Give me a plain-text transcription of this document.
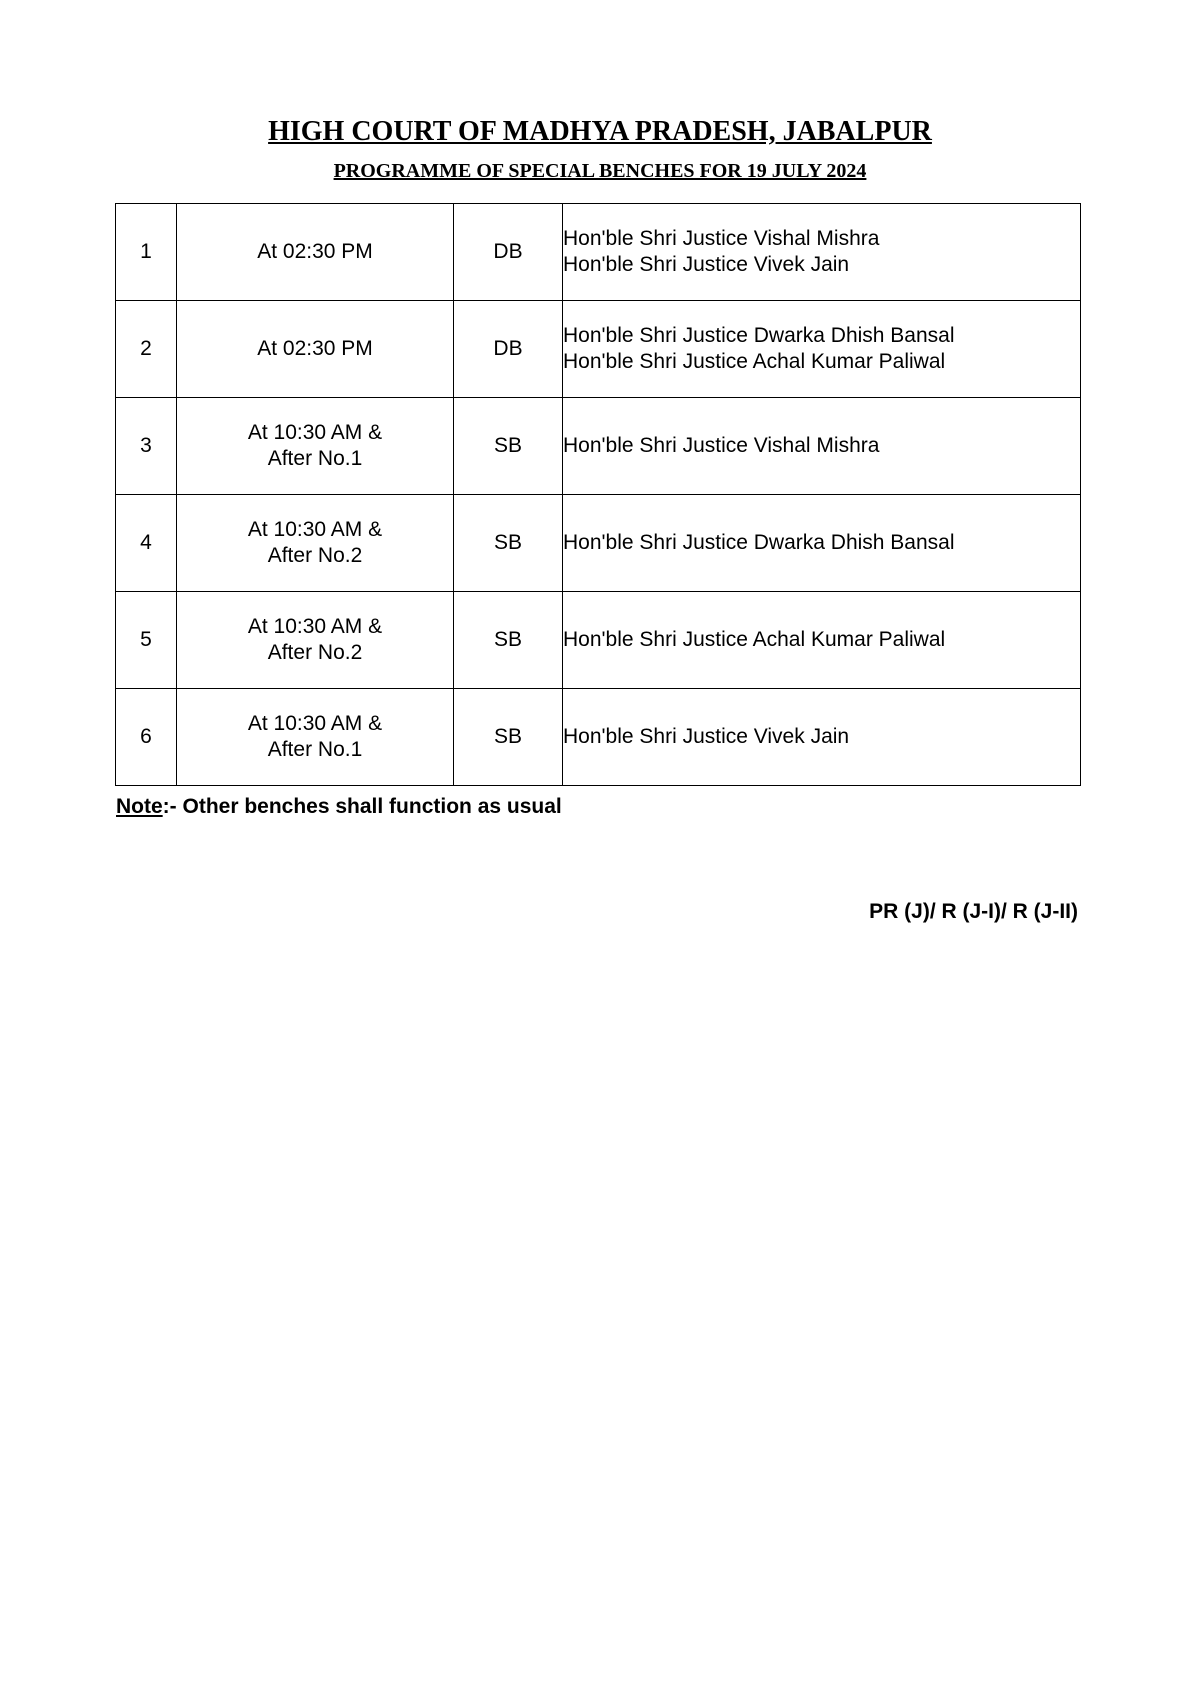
HIGH COURT OF MADHYA PRADESH, JABALPUR
PROGRAMME OF SPECIAL BENCHES FOR 19 JULY 2024
1	At 02:30 PM	DB	Hon'ble Shri Justice Vishal Mishra
Hon'ble Shri Justice Vivek Jain

2	At 02:30 PM	DB	Hon'ble Shri Justice Dwarka Dhish Bansal
Hon'ble Shri Justice Achal Kumar Paliwal

3	At 10:30 AM &
After No.1	SB	Hon'ble Shri Justice Vishal Mishra

4	At 10:30 AM &
After No.2	SB	Hon'ble Shri Justice Dwarka Dhish Bansal

5	At 10:30 AM &
After No.2	SB	Hon'ble Shri Justice Achal Kumar Paliwal

6	At 10:30 AM &
After No.1	SB	Hon'ble Shri Justice Vivek Jain
Note:- Other benches shall function as usual
PR (J)/ R (J-I)/ R (J-II)
